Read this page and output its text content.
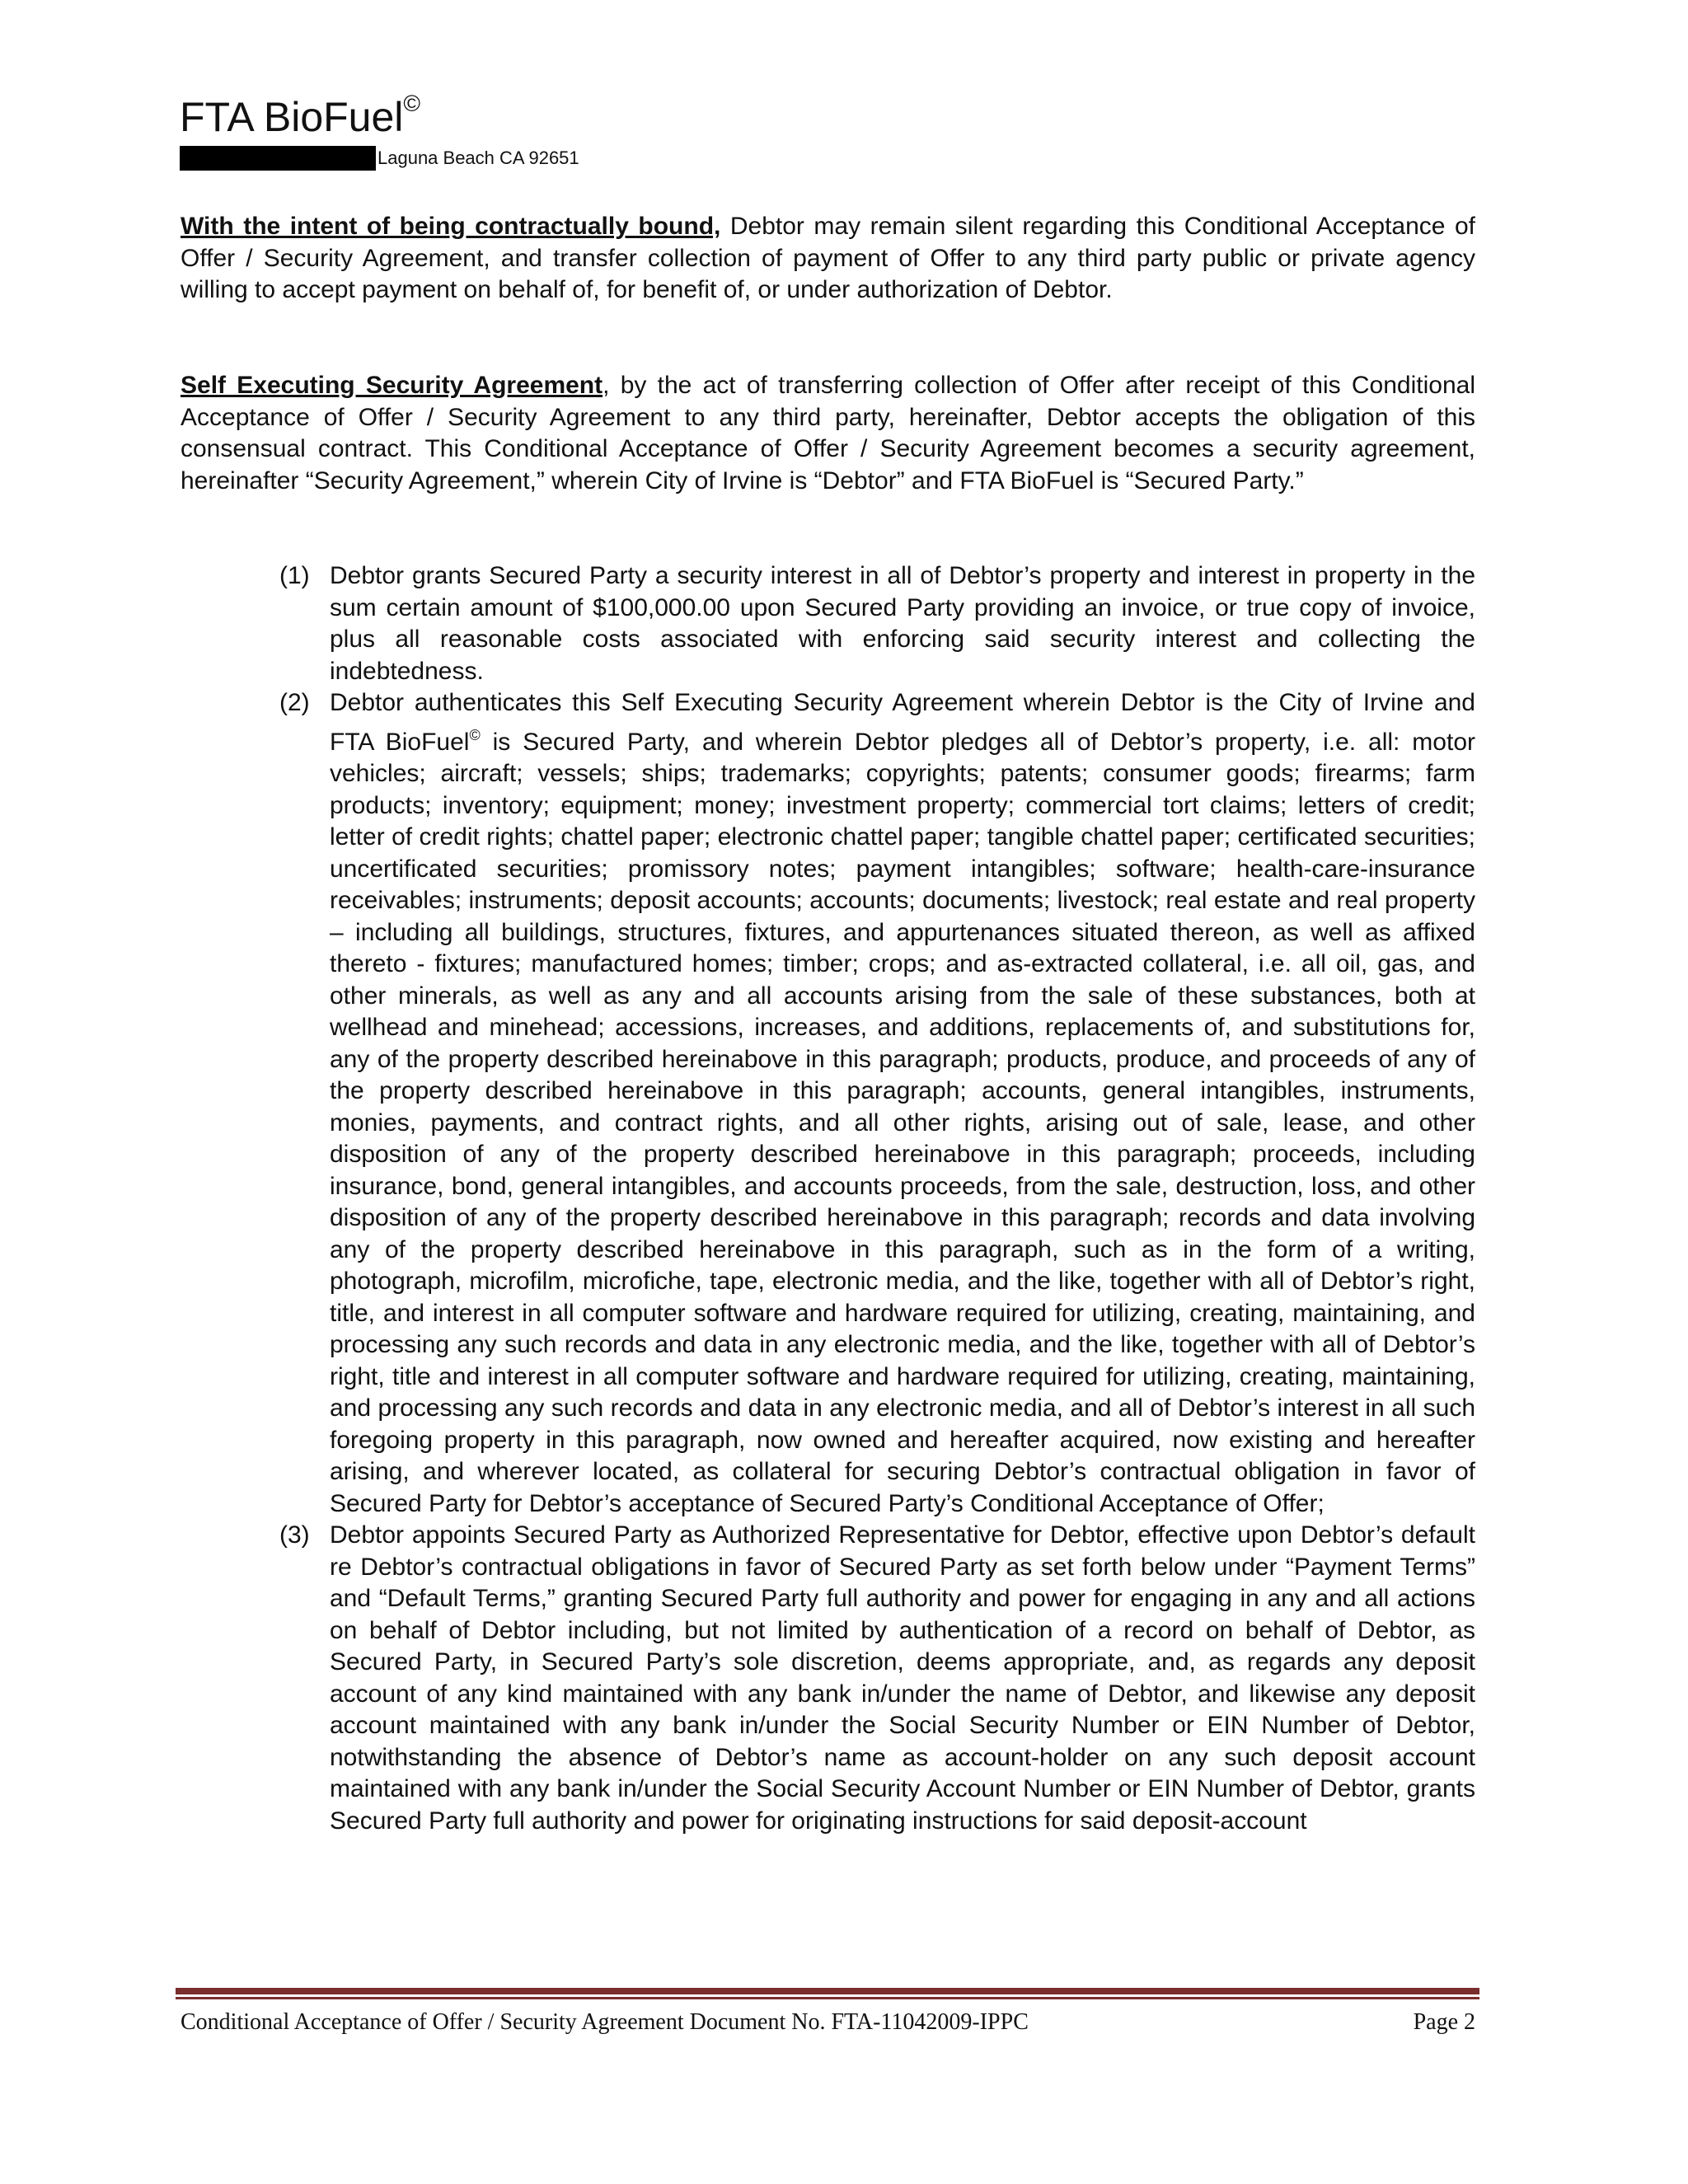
FTA BioFuel©
Laguna Beach CA 92651
With the intent of being contractually bound, Debtor may remain silent regarding this Conditional Acceptance of Offer / Security Agreement, and transfer collection of payment of Offer to any third party public or private agency willing to accept payment on behalf of, for benefit of, or under authorization of Debtor.
Self Executing Security Agreement, by the act of transferring collection of Offer after receipt of this Conditional Acceptance of Offer / Security Agreement to any third party, hereinafter, Debtor accepts the obligation of this consensual contract. This Conditional Acceptance of Offer / Security Agreement becomes a security agreement, hereinafter “Security Agreement,” wherein City of Irvine is “Debtor” and FTA BioFuel is “Secured Party.”
(1) Debtor grants Secured Party a security interest in all of Debtor’s property and interest in property in the sum certain amount of $100,000.00 upon Secured Party providing an invoice, or true copy of invoice, plus all reasonable costs associated with enforcing said security interest and collecting the indebtedness.
(2) Debtor authenticates this Self Executing Security Agreement wherein Debtor is the City of Irvine and FTA BioFuel© is Secured Party, and wherein Debtor pledges all of Debtor’s property, i.e. all: motor vehicles; aircraft; vessels; ships; trademarks; copyrights; patents; consumer goods; firearms; farm products; inventory; equipment; money; investment property; commercial tort claims; letters of credit; letter of credit rights; chattel paper; electronic chattel paper; tangible chattel paper; certificated securities; uncertificated securities; promissory notes; payment intangibles; software; health-care-insurance receivables; instruments; deposit accounts; accounts; documents; livestock; real estate and real property – including all buildings, structures, fixtures, and appurtenances situated thereon, as well as affixed thereto - fixtures; manufactured homes; timber; crops; and as-extracted collateral, i.e. all oil, gas, and other minerals, as well as any and all accounts arising from the sale of these substances, both at wellhead and minehead; accessions, increases, and additions, replacements of, and substitutions for, any of the property described hereinabove in this paragraph; products, produce, and proceeds of any of the property described hereinabove in this paragraph; accounts, general intangibles, instruments, monies, payments, and contract rights, and all other rights, arising out of sale, lease, and other disposition of any of the property described hereinabove in this paragraph; proceeds, including insurance, bond, general intangibles, and accounts proceeds, from the sale, destruction, loss, and other disposition of any of the property described hereinabove in this paragraph; records and data involving any of the property described hereinabove in this paragraph, such as in the form of a writing, photograph, microfilm, microfiche, tape, electronic media, and the like, together with all of Debtor’s right, title, and interest in all computer software and hardware required for utilizing, creating, maintaining, and processing any such records and data in any electronic media, and the like, together with all of Debtor’s right, title and interest in all computer software and hardware required for utilizing, creating, maintaining, and processing any such records and data in any electronic media, and all of Debtor’s interest in all such foregoing property in this paragraph, now owned and hereafter acquired, now existing and hereafter arising, and wherever located, as collateral for securing Debtor’s contractual obligation in favor of Secured Party for Debtor’s acceptance of Secured Party’s Conditional Acceptance of Offer;
(3) Debtor appoints Secured Party as Authorized Representative for Debtor, effective upon Debtor’s default re Debtor’s contractual obligations in favor of Secured Party as set forth below under “Payment Terms” and “Default Terms,” granting Secured Party full authority and power for engaging in any and all actions on behalf of Debtor including, but not limited by authentication of a record on behalf of Debtor, as Secured Party, in Secured Party’s sole discretion, deems appropriate, and, as regards any deposit account of any kind maintained with any bank in/under the name of Debtor, and likewise any deposit account maintained with any bank in/under the Social Security Number or EIN Number of Debtor, notwithstanding the absence of Debtor’s name as account-holder on any such deposit account maintained with any bank in/under the Social Security Account Number or EIN Number of Debtor, grants Secured Party full authority and power for originating instructions for said deposit-account
Conditional Acceptance of Offer / Security Agreement Document No. FTA-11042009-IPPC	Page 2
